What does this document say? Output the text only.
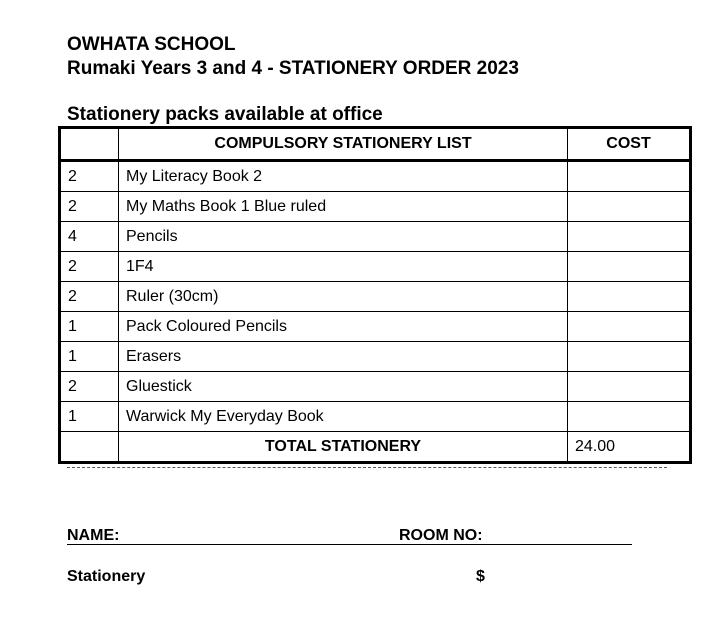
OWHATA SCHOOL
Rumaki Years 3 and 4 - STATIONERY ORDER 2023
Stationery packs available at office
	COMPULSORY STATIONERY LIST	COST
2	My Literacy Book 2	
2	My Maths Book 1 Blue ruled	
4	Pencils	
2	1F4	
2	Ruler (30cm)	
1	Pack Coloured Pencils	
1	Erasers	
2	Gluestick	
1	Warwick My Everyday Book	
	TOTAL STATIONERY	24.00
NAME:	ROOM NO:
Stationery	$
